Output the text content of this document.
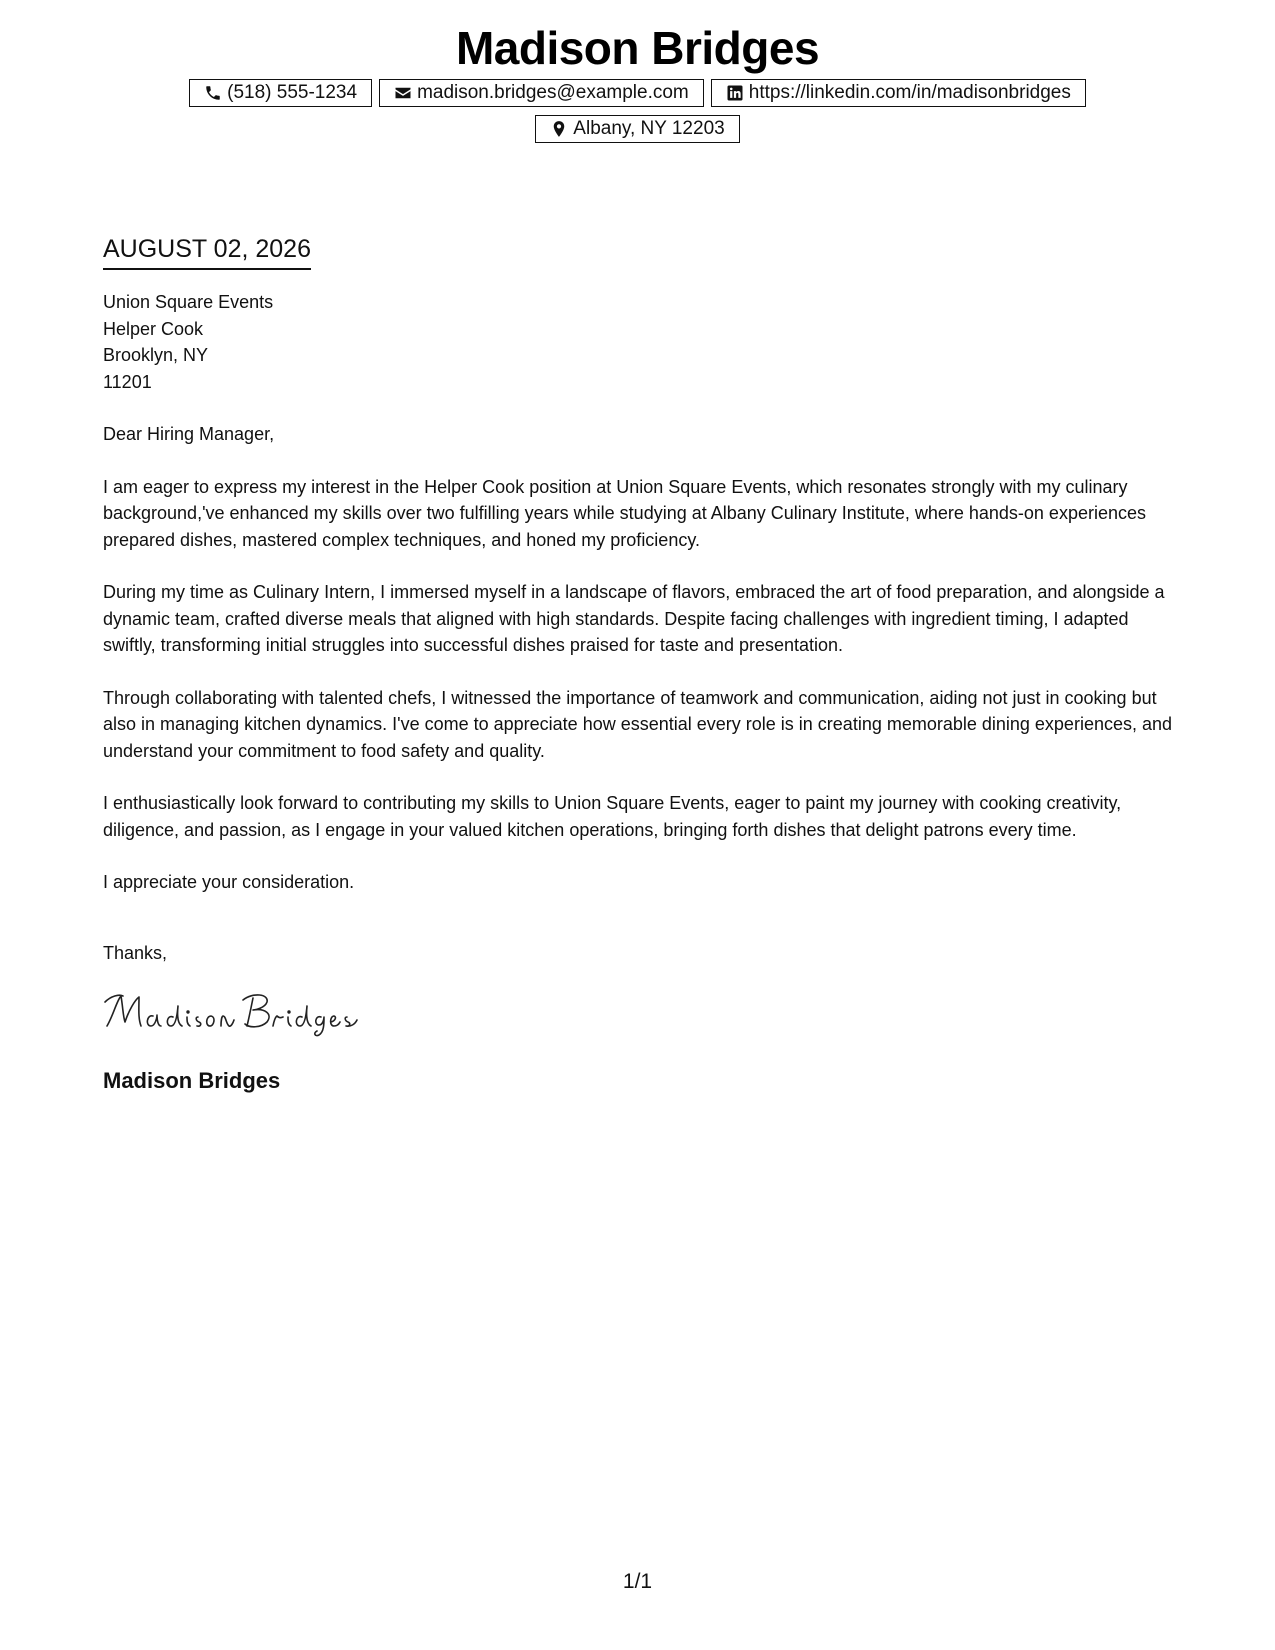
Madison Bridges
(518) 555-1234	madison.bridges@example.com	https://linkedin.com/in/madisonbridges
Albany, NY 12203
AUGUST 02, 2026
Union Square Events
Helper Cook
Brooklyn, NY
11201
Dear Hiring Manager,
I am eager to express my interest in the Helper Cook position at Union Square Events, which resonates strongly with my culinary background,'ve enhanced my skills over two fulfilling years while studying at Albany Culinary Institute, where hands-on experiences prepared dishes, mastered complex techniques, and honed my proficiency.
During my time as Culinary Intern, I immersed myself in a landscape of flavors, embraced the art of food preparation, and alongside a dynamic team, crafted diverse meals that aligned with high standards. Despite facing challenges with ingredient timing, I adapted swiftly, transforming initial struggles into successful dishes praised for taste and presentation.
Through collaborating with talented chefs, I witnessed the importance of teamwork and communication, aiding not just in cooking but also in managing kitchen dynamics. I've come to appreciate how essential every role is in creating memorable dining experiences, and understand your commitment to food safety and quality.
I enthusiastically look forward to contributing my skills to Union Square Events, eager to paint my journey with cooking creativity, diligence, and passion, as I engage in your valued kitchen operations, bringing forth dishes that delight patrons every time.
I appreciate your consideration.
Thanks,
Madison Bridges
1/1
